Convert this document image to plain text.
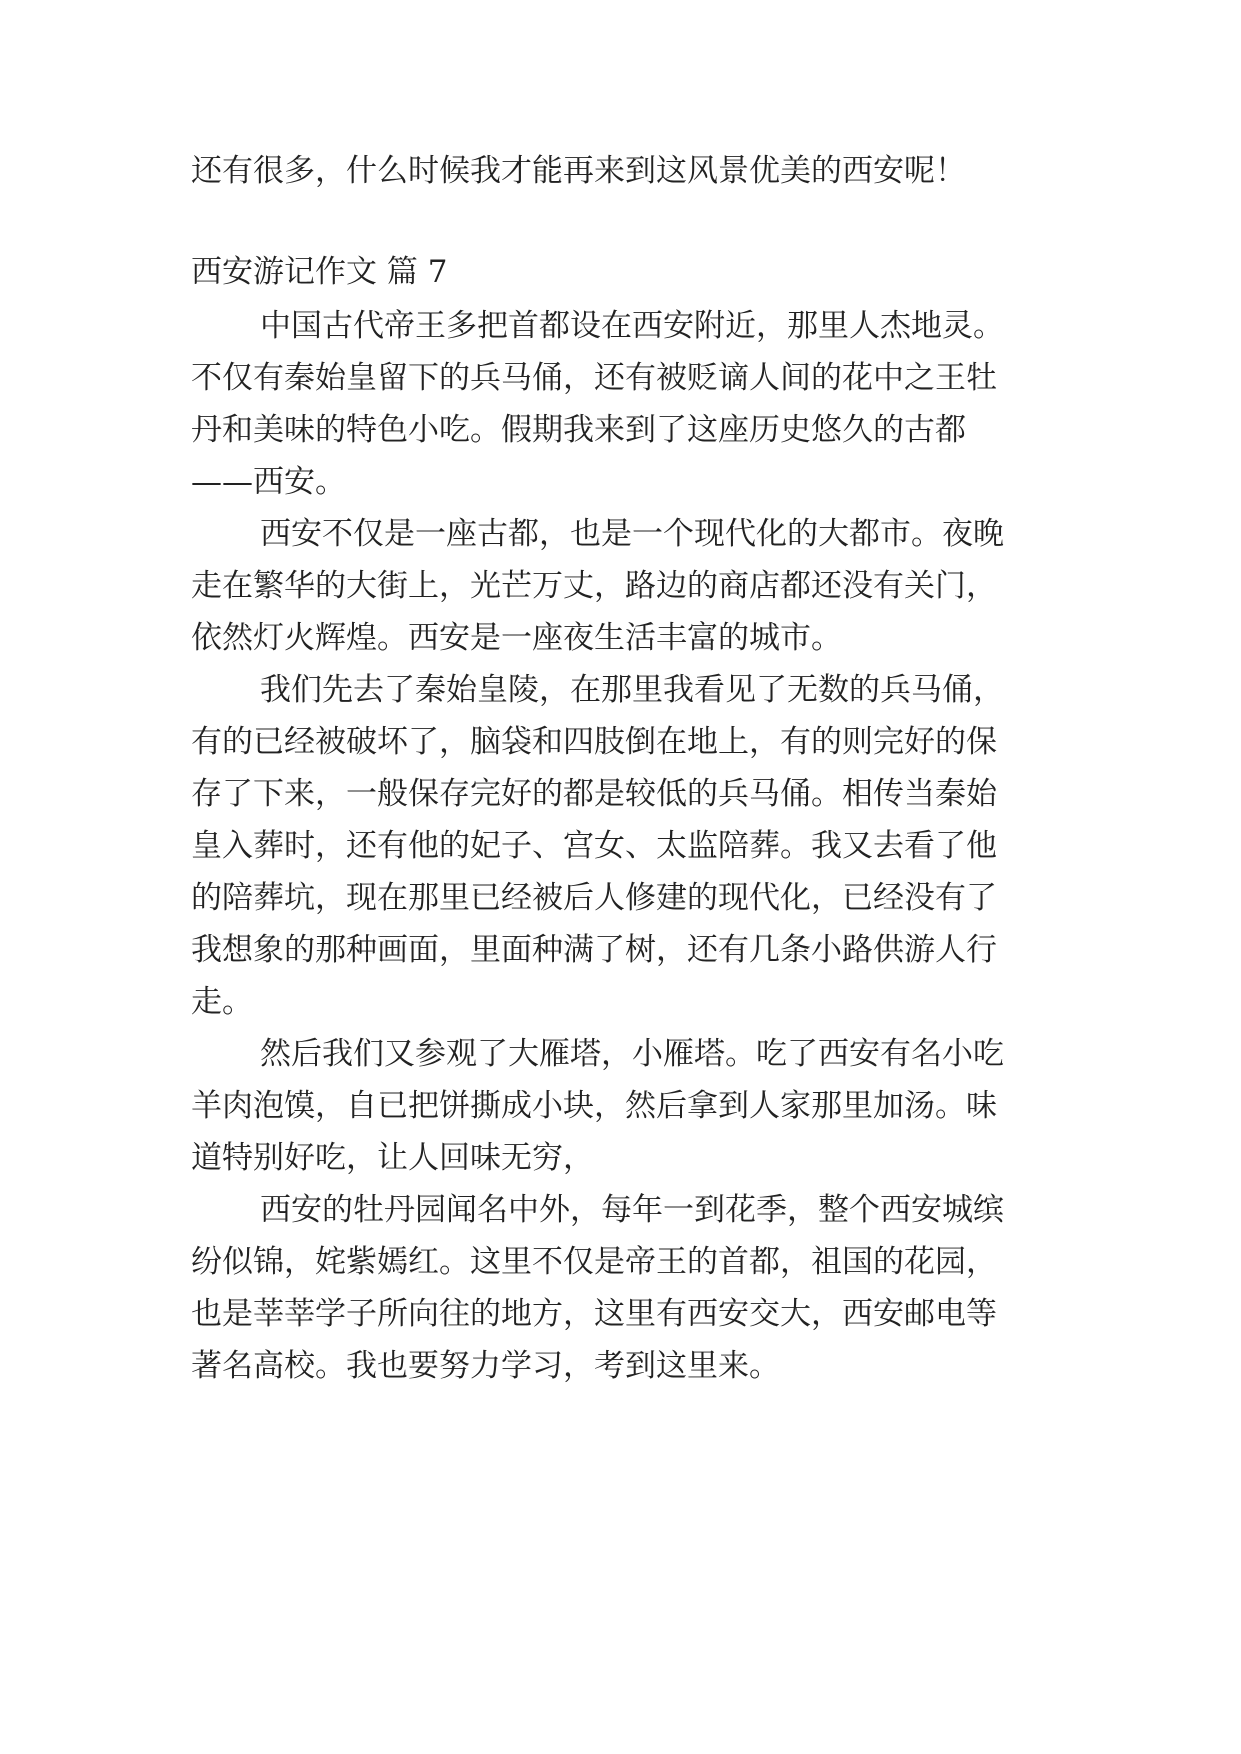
还有很多，什么时候我才能再来到这风景优美的西安呢！

西安游记作文 篇 7

中国古代帝王多把首都设在西安附近，那里人杰地灵。

不仅有秦始皇留下的兵马俑，还有被贬谪人间的花中之王牡

丹和美味的特色小吃。假期我来到了这座历史悠久的古都

——西安。

西安不仅是一座古都，也是一个现代化的大都市。夜晚

走在繁华的大街上，光芒万丈，路边的商店都还没有关门，

依然灯火辉煌。西安是一座夜生活丰富的城市。

我们先去了秦始皇陵，在那里我看见了无数的兵马俑，

有的已经被破坏了，脑袋和四肢倒在地上，有的则完好的保

存了下来，一般保存完好的都是较低的兵马俑。相传当秦始

皇入葬时，还有他的妃子、宫女、太监陪葬。我又去看了他

的陪葬坑，现在那里已经被后人修建的现代化，已经没有了

我想象的那种画面，里面种满了树，还有几条小路供游人行

走。

然后我们又参观了大雁塔，小雁塔。吃了西安有名小吃

羊肉泡馍，自已把饼撕成小块，然后拿到人家那里加汤。味

道特别好吃，让人回味无穷，

西安的牡丹园闻名中外，每年一到花季，整个西安城缤

纷似锦，姹紫嫣红。这里不仅是帝王的首都，祖国的花园，

也是莘莘学子所向往的地方，这里有西安交大，西安邮电等

著名高校。我也要努力学习，考到这里来。
